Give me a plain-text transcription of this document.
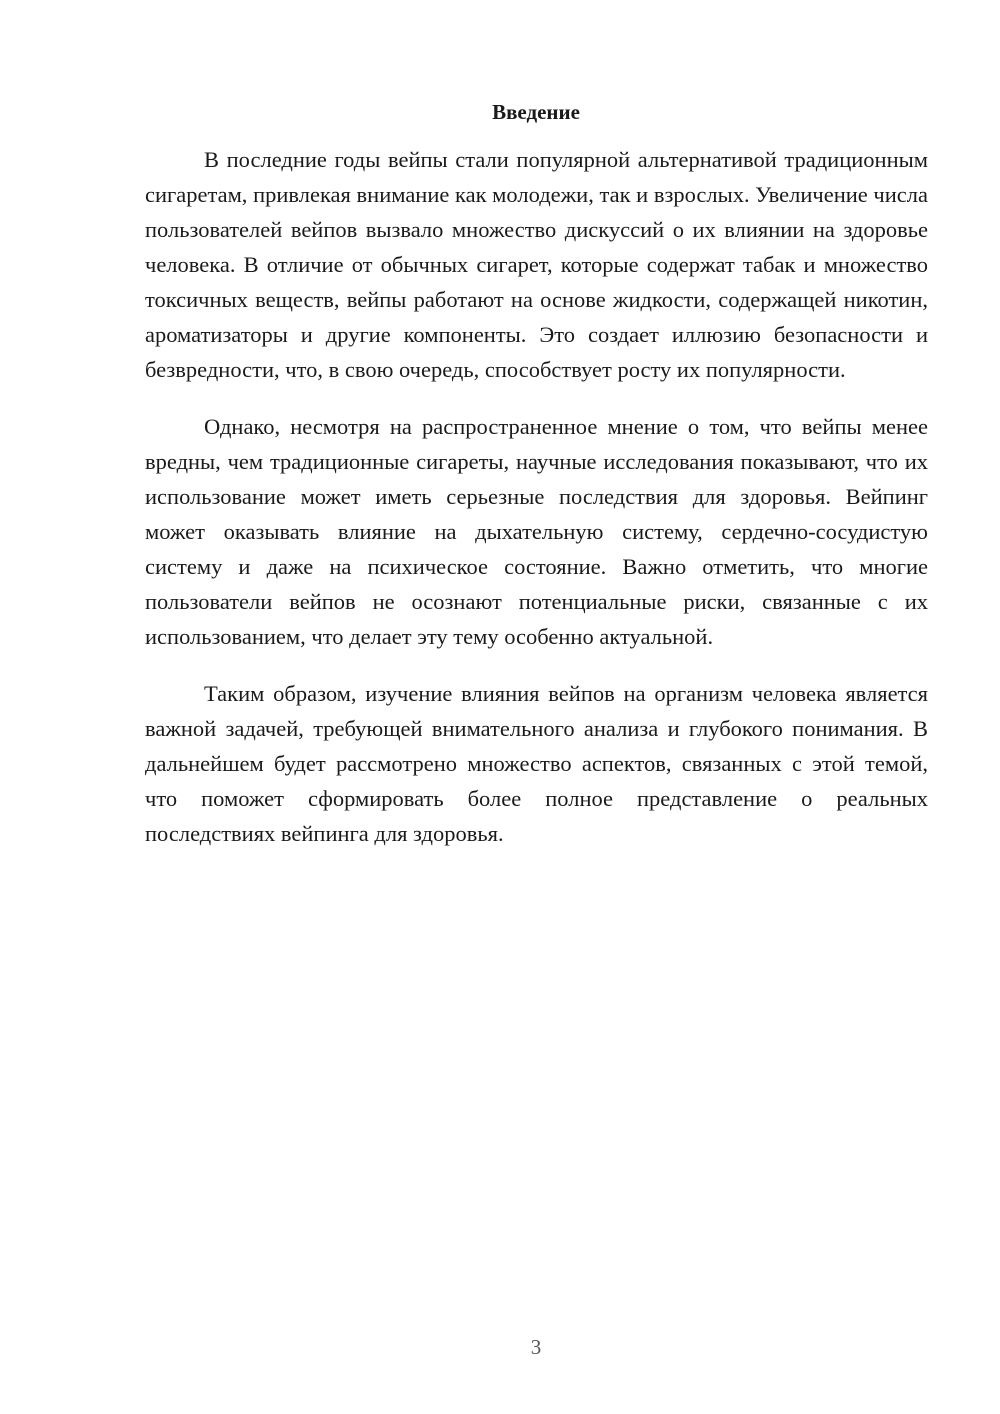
Введение

В последние годы вейпы стали популярной альтернативой традиционным сигаретам, привлекая внимание как молодежи, так и взрослых. Увеличение числа пользователей вейпов вызвало множество дискуссий о их влиянии на здоровье человека. В отличие от обычных сигарет, которые содержат табак и множество токсичных веществ, вейпы работают на основе жидкости, содержащей никотин, ароматизаторы и другие компоненты. Это создает иллюзию безопасности и безвредности, что, в свою очередь, способствует росту их популярности.

Однако, несмотря на распространенное мнение о том, что вейпы менее вредны, чем традиционные сигареты, научные исследования показывают, что их использование может иметь серьезные последствия для здоровья. Вейпинг может оказывать влияние на дыхательную систему, сердечно-сосудистую систему и даже на психическое состояние. Важно отметить, что многие пользователи вейпов не осознают потенциальные риски, связанные с их использованием, что делает эту тему особенно актуальной.

Таким образом, изучение влияния вейпов на организм человека является важной задачей, требующей внимательного анализа и глубокого понимания. В дальнейшем будет рассмотрено множество аспектов, связанных с этой темой, что поможет сформировать более полное представление о реальных последствиях вейпинга для здоровья.

3
